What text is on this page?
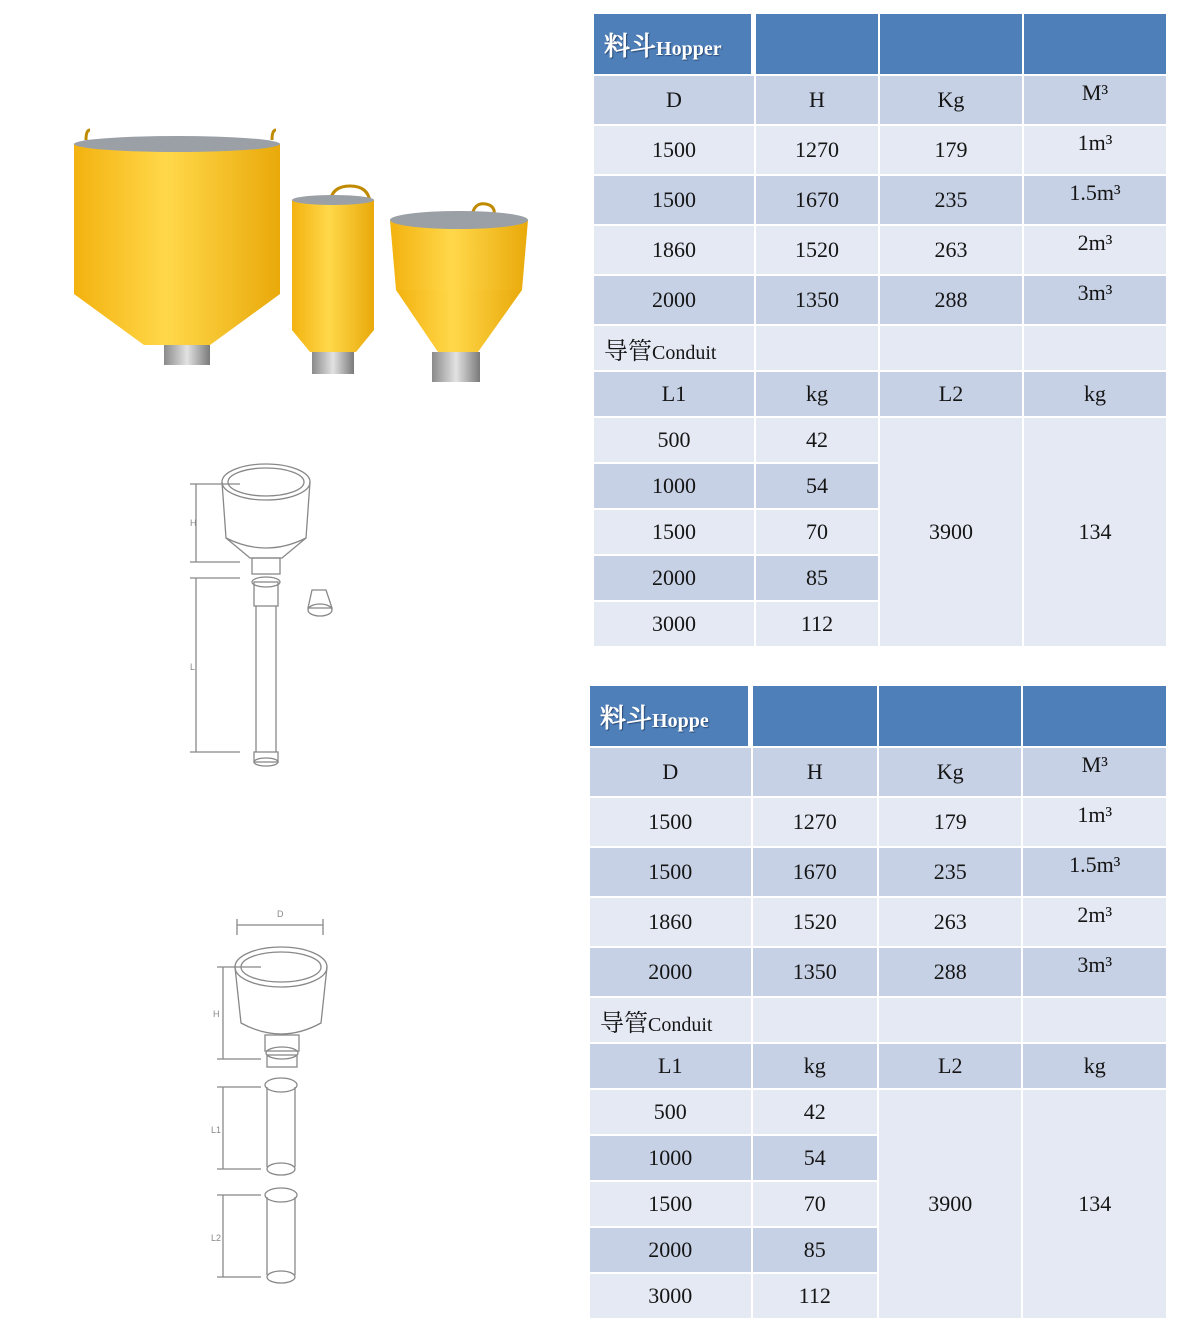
H
L
D
H
L1
L2
料斗Hopper			
D	H	Kg	M³
1500	1270	179	1m³
1500	1670	235	1.5m³
1860	1520	263	2m³
2000	1350	288	3m³
导管Conduit			
L1	kg	L2	kg
500	42	3900	134
1000	54		
1500	70		
2000	85		
3000	112		
料斗Hoppe			
D	H	Kg	M³
1500	1270	179	1m³
1500	1670	235	1.5m³
1860	1520	263	2m³
2000	1350	288	3m³
导管Conduit			
L1	kg	L2	kg
500	42	3900	134
1000	54		
1500	70		
2000	85		
3000	112		
